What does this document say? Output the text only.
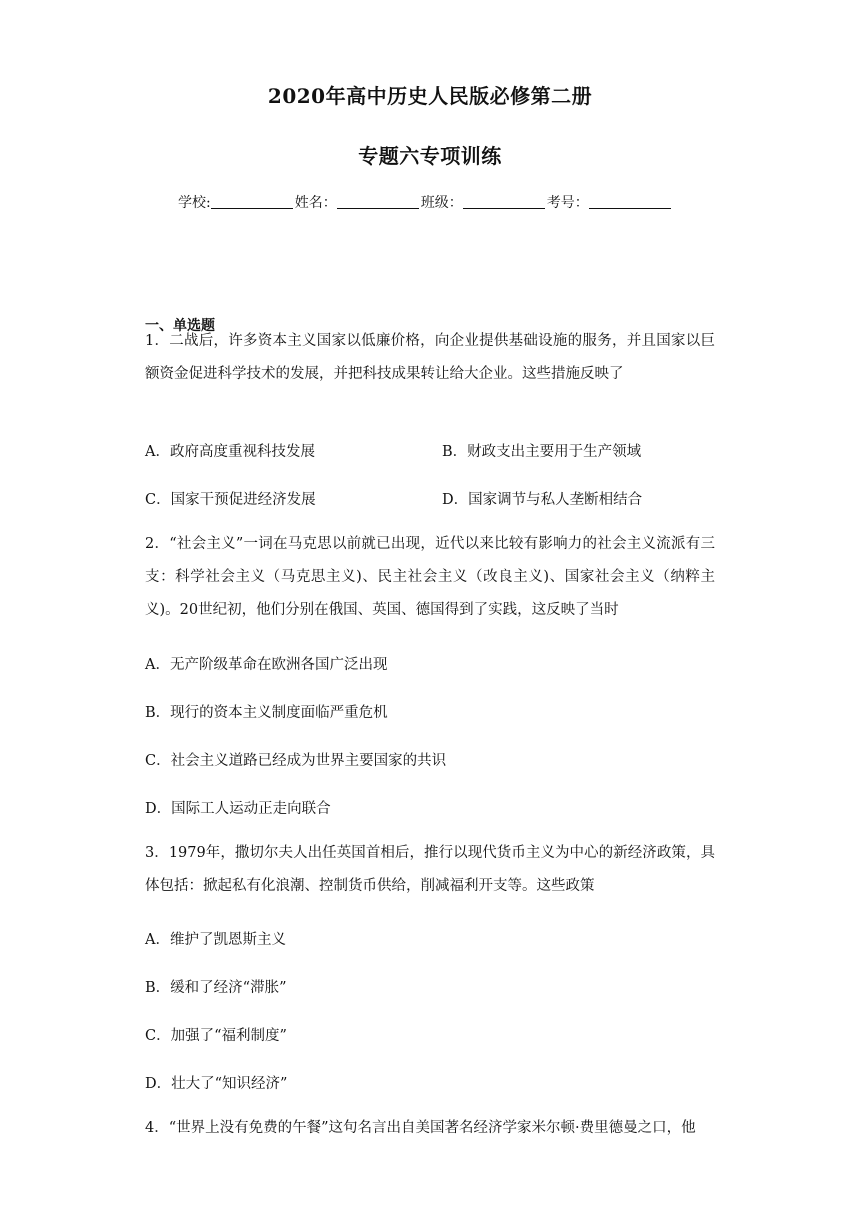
2020年高中历史人民版必修第二册
专题六专项训练
学校:	姓名：	班级：	考号：
一、单选题
1．二战后，许多资本主义国家以低廉价格，向企业提供基础设施的服务，并且国家以巨额资金促进科学技术的发展，并把科技成果转让给大企业。这些措施反映了
A．政府高度重视科技发展	B．财政支出主要用于生产领域
C．国家干预促进经济发展	D．国家调节与私人垄断相结合
2．“社会主义”一词在马克思以前就已出现，近代以来比较有影响力的社会主义流派有三支：科学社会主义（马克思主义)、民主社会主义（改良主义)、国家社会主义（纳粹主义)。20世纪初，他们分别在俄国、英国、德国得到了实践，这反映了当时
A．无产阶级革命在欧洲各国广泛出现
B．现行的资本主义制度面临严重危机
C．社会主义道路已经成为世界主要国家的共识
D．国际工人运动正走向联合
3．1979年，撒切尔夫人出任英国首相后，推行以现代货币主义为中心的新经济政策，具体包括：掀起私有化浪潮、控制货币供给，削减福利开支等。这些政策
A．维护了凯恩斯主义
B．缓和了经济“滞胀”
C．加强了“福利制度”
D．壮大了“知识经济”
4．“世界上没有免费的午餐”这句名言出自美国著名经济学家米尔顿·费里德曼之口，他
